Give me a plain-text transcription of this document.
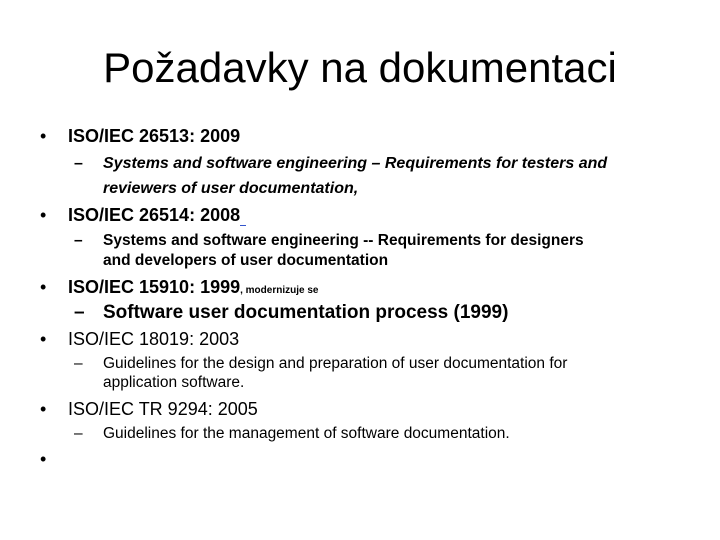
Požadavky na dokumentaci
• ISO/IEC 26513: 2009
– Systems and software engineering – Requirements for testers and
reviewers of user documentation,
• ISO/IEC 26514: 2008
– Systems and software engineering -- Requirements for designers
and developers of user documentation
• ISO/IEC 15910: 1999, modernizuje se
– Software user documentation process (1999)
• ISO/IEC 18019: 2003
– Guidelines for the design and preparation of user documentation for
application software.
• ISO/IEC TR 9294: 2005
– Guidelines for the management of software documentation.
•
